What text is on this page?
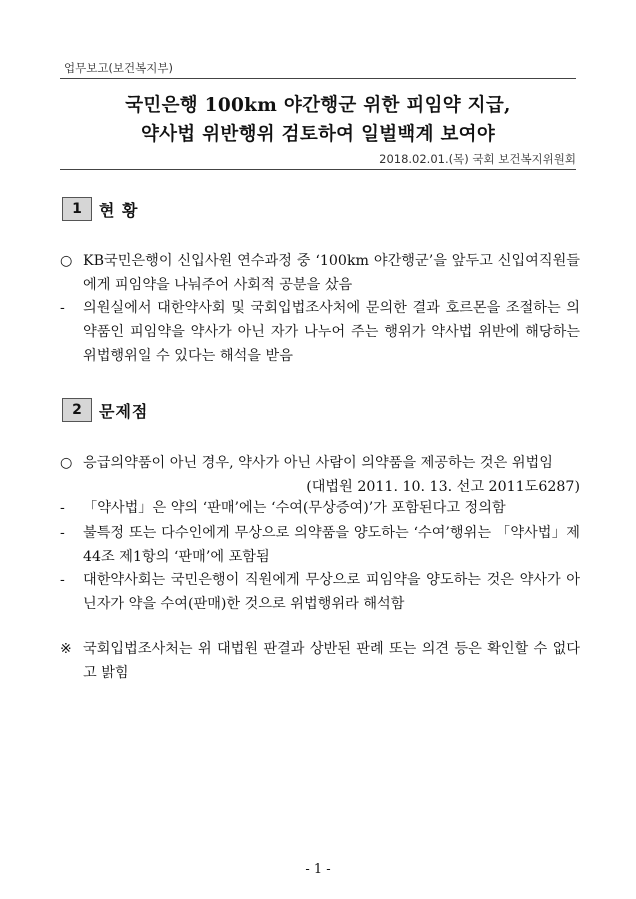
업무보고(보건복지부)
국민은행 100km 야간행군 위한 피임약 지급,
약사법 위반행위 검토하여 일벌백계 보여야
2018.02.01.(목) 국회 보건복지위원회
1	현 황
○ KB국민은행이 신입사원 연수과정 중 ‘100km 야간행군’을 앞두고 신입여직원들에게 피임약을 나눠주어 사회적 공분을 샀음
-	의원실에서 대한약사회 및 국회입법조사처에 문의한 결과 호르몬을 조절하는 의약품인 피임약을 약사가 아닌 자가 나누어 주는 행위가 약사법 위반에 해당하는 위법행위일 수 있다는 해석을 받음
2	문제점
○ 응급의약품이 아닌 경우, 약사가 아닌 사람이 의약품을 제공하는 것은 위법임
(대법원 2011. 10. 13. 선고 2011도6287)
-	「약사법」은 약의 ‘판매’에는 ‘수여(무상증여)’가 포함된다고 정의함
-	불특정 또는 다수인에게 무상으로 의약품을 양도하는 ‘수여’행위는 「약사법」제44조 제1항의 ‘판매’에 포함됨
-	대한약사회는 국민은행이 직원에게 무상으로 피임약을 양도하는 것은 약사가 아닌자가 약을 수여(판매)한 것으로 위법행위라 해석함
※ 국회입법조사처는 위 대법원 판결과 상반된 판례 또는 의견 등은 확인할 수 없다고 밝힘
- 1 -
